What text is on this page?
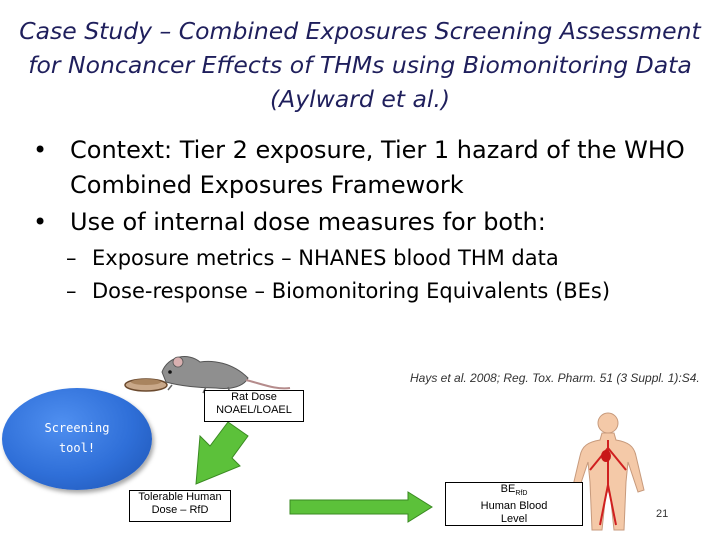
Case Study – Combined Exposures Screening Assessment
for Noncancer Effects of THMs using Biomonitoring Data
(Aylward et al.)
• Context: Tier 2 exposure, Tier 1 hazard of the WHO Combined Exposures Framework
• Use of internal dose measures for both:
– Exposure metrics – NHANES blood THM data
– Dose-response – Biomonitoring Equivalents (BEs)
Rat Dose
NOAEL/LOAEL
Hays et al. 2008; Reg. Tox. Pharm. 51 (3 Suppl. 1):S4.
Screening
tool!
Tolerable Human
Dose – RfD
$BE_{RfD}$
Human Blood
Level	21
